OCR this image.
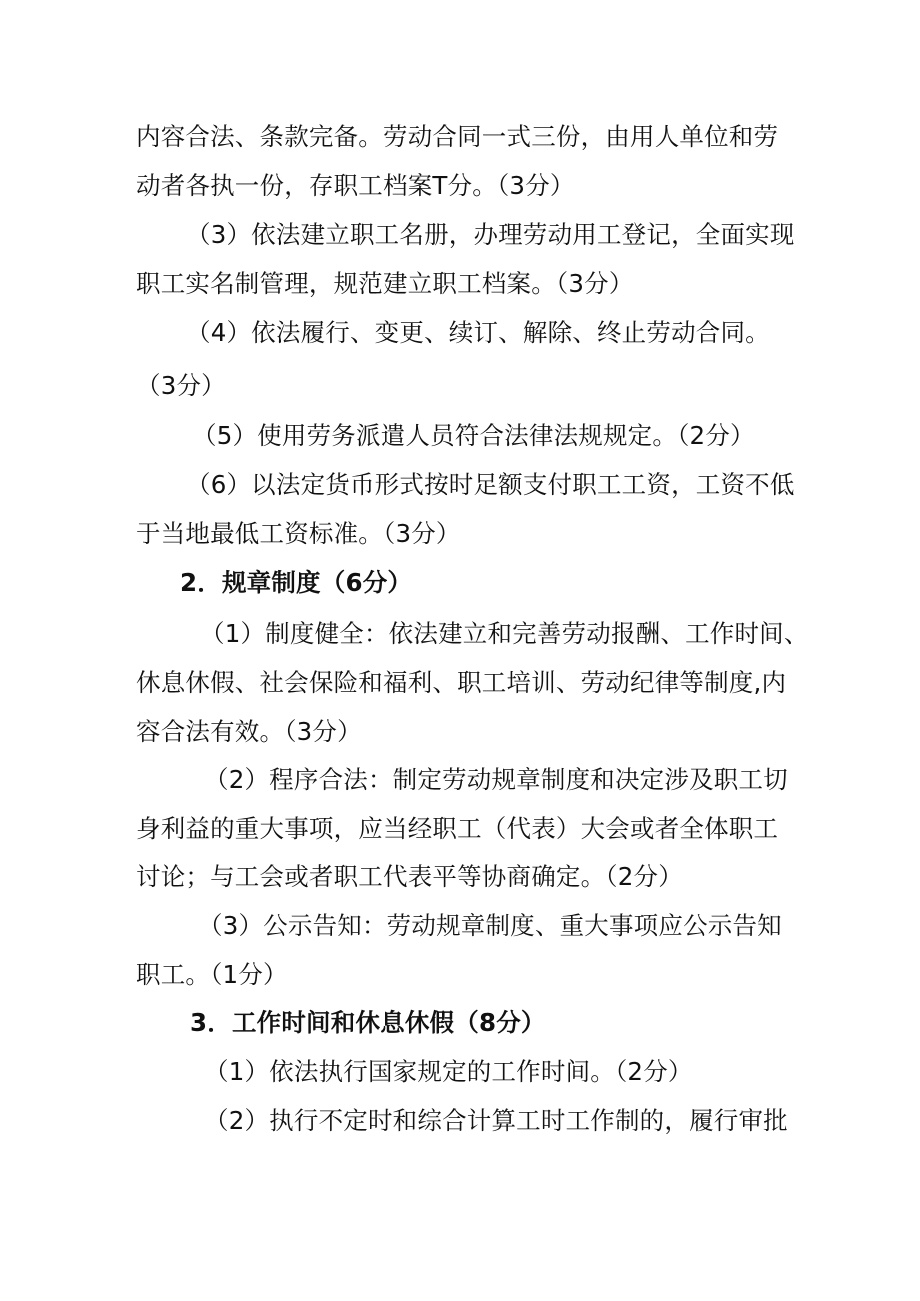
内容合法、条款完备。劳动合同一式三份，由用人单位和劳
动者各执一份，存职工档案T分。（3分）
（3）依法建立职工名册，办理劳动用工登记，全面实现
职工实名制管理，规范建立职工档案。（3分）
（4）依法履行、变更、续订、解除、终止劳动合同。
（3分）
（5）使用劳务派遣人员符合法律法规规定。（2分）
（6）以法定货币形式按时足额支付职工工资，工资不低
于当地最低工资标准。（3分）
2．规章制度（6分）
（1）制度健全：依法建立和完善劳动报酬、工作时间、
休息休假、社会保险和福利、职工培训、劳动纪律等制度,内
容合法有效。（3分）
（2）程序合法：制定劳动规章制度和决定涉及职工切
身利益的重大事项，应当经职工（代表）大会或者全体职工
讨论；与工会或者职工代表平等协商确定。（2分）
（3）公示告知：劳动规章制度、重大事项应公示告知
职工。（1分）
3．工作时间和休息休假（8分）
（1）依法执行国家规定的工作时间。（2分）
（2）执行不定时和综合计算工时工作制的，履行审批
